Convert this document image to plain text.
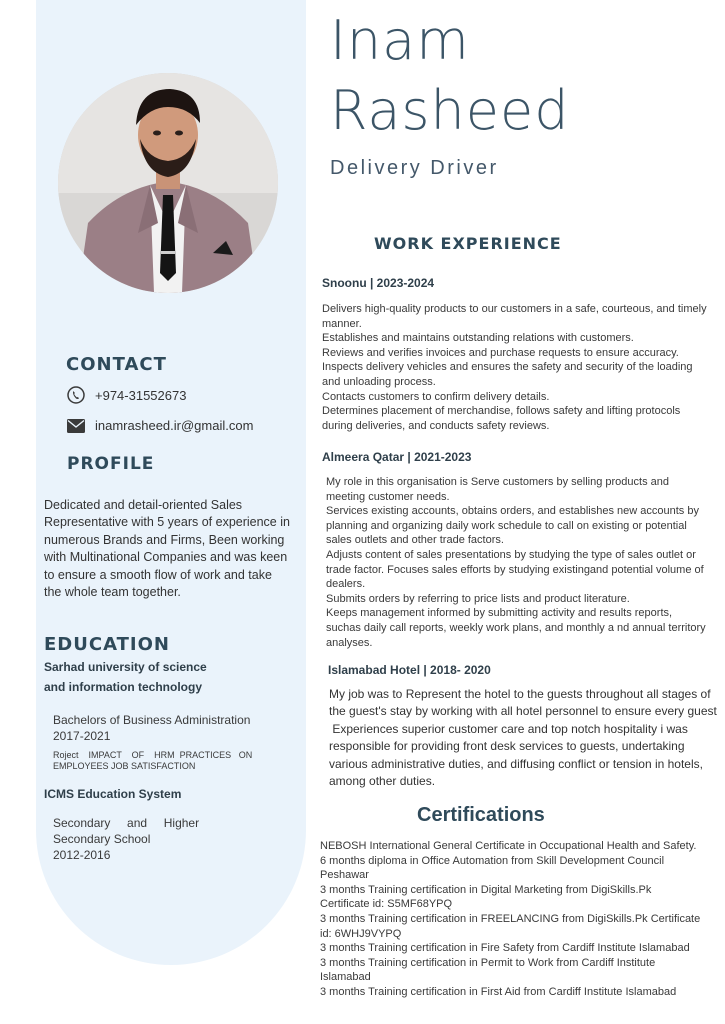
Inam
Rasheed
Delivery Driver
CONTACT
+974-31552673
inamrasheed.ir@gmail.com
PROFILE
Dedicated and detail-oriented Sales
Representative with 5 years of experience in
numerous Brands and Firms, Been working
with Multinational Companies and was keen
to ensure a smooth flow of work and take
the whole team together.
EDUCATION
Sarhad university of science
and information technology
Bachelors of Business Administration
2017-2021
Roject    IMPACT    OF    HRM  PRACTICES   ON
EMPLOYEES JOB SATISFACTION
ICMS Education System
Secondary     and     Higher
Secondary School
2012-2016
WORK EXPERIENCE
Snoonu | 2023-2024
Delivers high-quality products to our customers in a safe, courteous, and timely
manner.
Establishes and maintains outstanding relations with customers.
Reviews and verifies invoices and purchase requests to ensure accuracy.
Inspects delivery vehicles and ensures the safety and security of the loading
and unloading process.
Contacts customers to confirm delivery details.
Determines placement of merchandise, follows safety and lifting protocols
during deliveries, and conducts safety reviews.
Almeera Qatar | 2021-2023
My role in this organisation is Serve customers by selling products and
meeting customer needs.
Services existing accounts, obtains orders, and establishes new accounts by
planning and organizing daily work schedule to call on existing or potential
sales outlets and other trade factors.
Adjusts content of sales presentations by studying the type of sales outlet or
trade factor. Focuses sales efforts by studying existingand potential volume of
dealers.
Submits orders by referring to price lists and product literature.
Keeps management informed by submitting activity and results reports,
suchas daily call reports, weekly work plans, and monthly a nd annual territory
analyses.
Islamabad Hotel | 2018- 2020
My job was to Represent the hotel to the guests throughout all stages of
the guest's stay by working with all hotel personnel to ensure every guest
Experiences superior customer care and top notch hospitality i was
responsible for providing front desk services to guests, undertaking
various administrative duties, and diffusing conflict or tension in hotels,
among other duties.
Certifications
NEBOSH International General Certificate in Occupational Health and Safety.
6 months diploma in Office Automation from Skill Development Council
Peshawar
3 months Training certification in Digital Marketing from DigiSkills.Pk
Certificate id: S5MF68YPQ
3 months Training certification in FREELANCING from DigiSkills.Pk Certificate
id: 6WHJ9VYPQ
3 months Training certification in Fire Safety from Cardiff Institute Islamabad
3 months Training certification in Permit to Work from Cardiff Institute
Islamabad
3 months Training certification in First Aid from Cardiff Institute Islamabad
